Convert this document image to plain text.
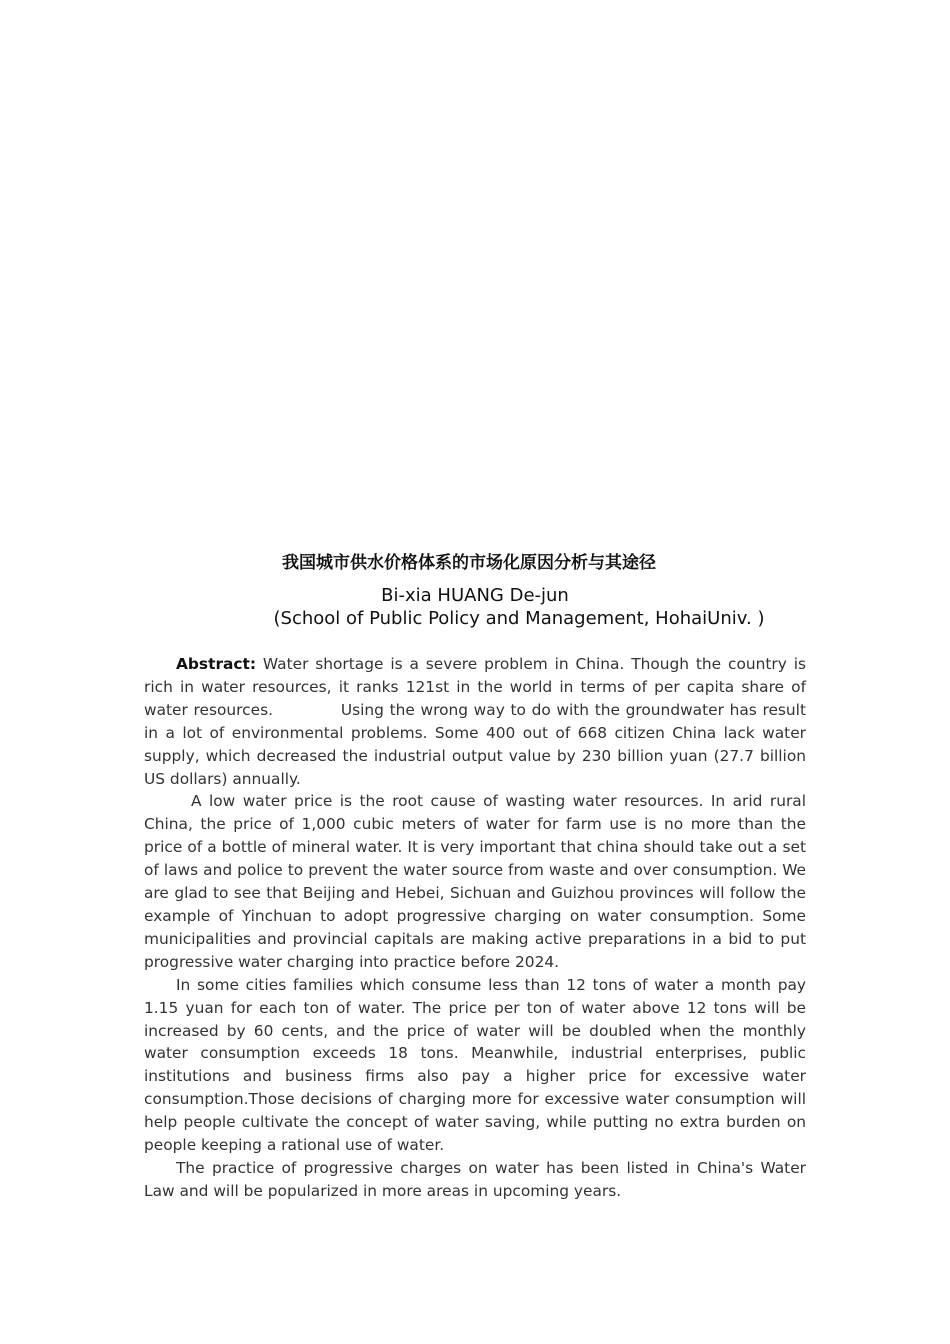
我国城市供水价格体系的市场化原因分析与其途径
Bi-xia HUANG De-jun
(School of Public Policy and Management, HohaiUniv. )

Abstract: Water shortage is a severe problem in China. Though the country is rich in water resources, it ranks 121st in the world in terms of per capita share of water resources.            Using the wrong way to do with the groundwater has result in a lot of environmental problems. Some 400 out of 668 citizen China lack water supply, which decreased the industrial output value by 230 billion yuan (27.7 billion US dollars) annually.

A low water price is the root cause of wasting water resources. In arid rural China, the price of 1,000 cubic meters of water for farm use is no more than the price of a bottle of mineral water. It is very important that china should take out a set of laws and police to prevent the water source from waste and over consumption. We are glad to see that Beijing and Hebei, Sichuan and Guizhou provinces will follow the example of Yinchuan to adopt progressive charging on water consumption. Some municipalities and provincial capitals are making active preparations in a bid to put progressive water charging into practice before 2024.

In some cities families which consume less than 12 tons of water a month pay 1.15 yuan for each ton of water. The price per ton of water above 12 tons will be increased by 60 cents, and the price of water will be doubled when the monthly water consumption exceeds 18 tons. Meanwhile, industrial enterprises, public institutions and business firms also pay a higher price for excessive water consumption.Those decisions of charging more for excessive water consumption will help people cultivate the concept of water saving, while putting no extra burden on people keeping a rational use of water.

The practice of progressive charges on water has been listed in China's Water Law and will be popularized in more areas in upcoming years.
